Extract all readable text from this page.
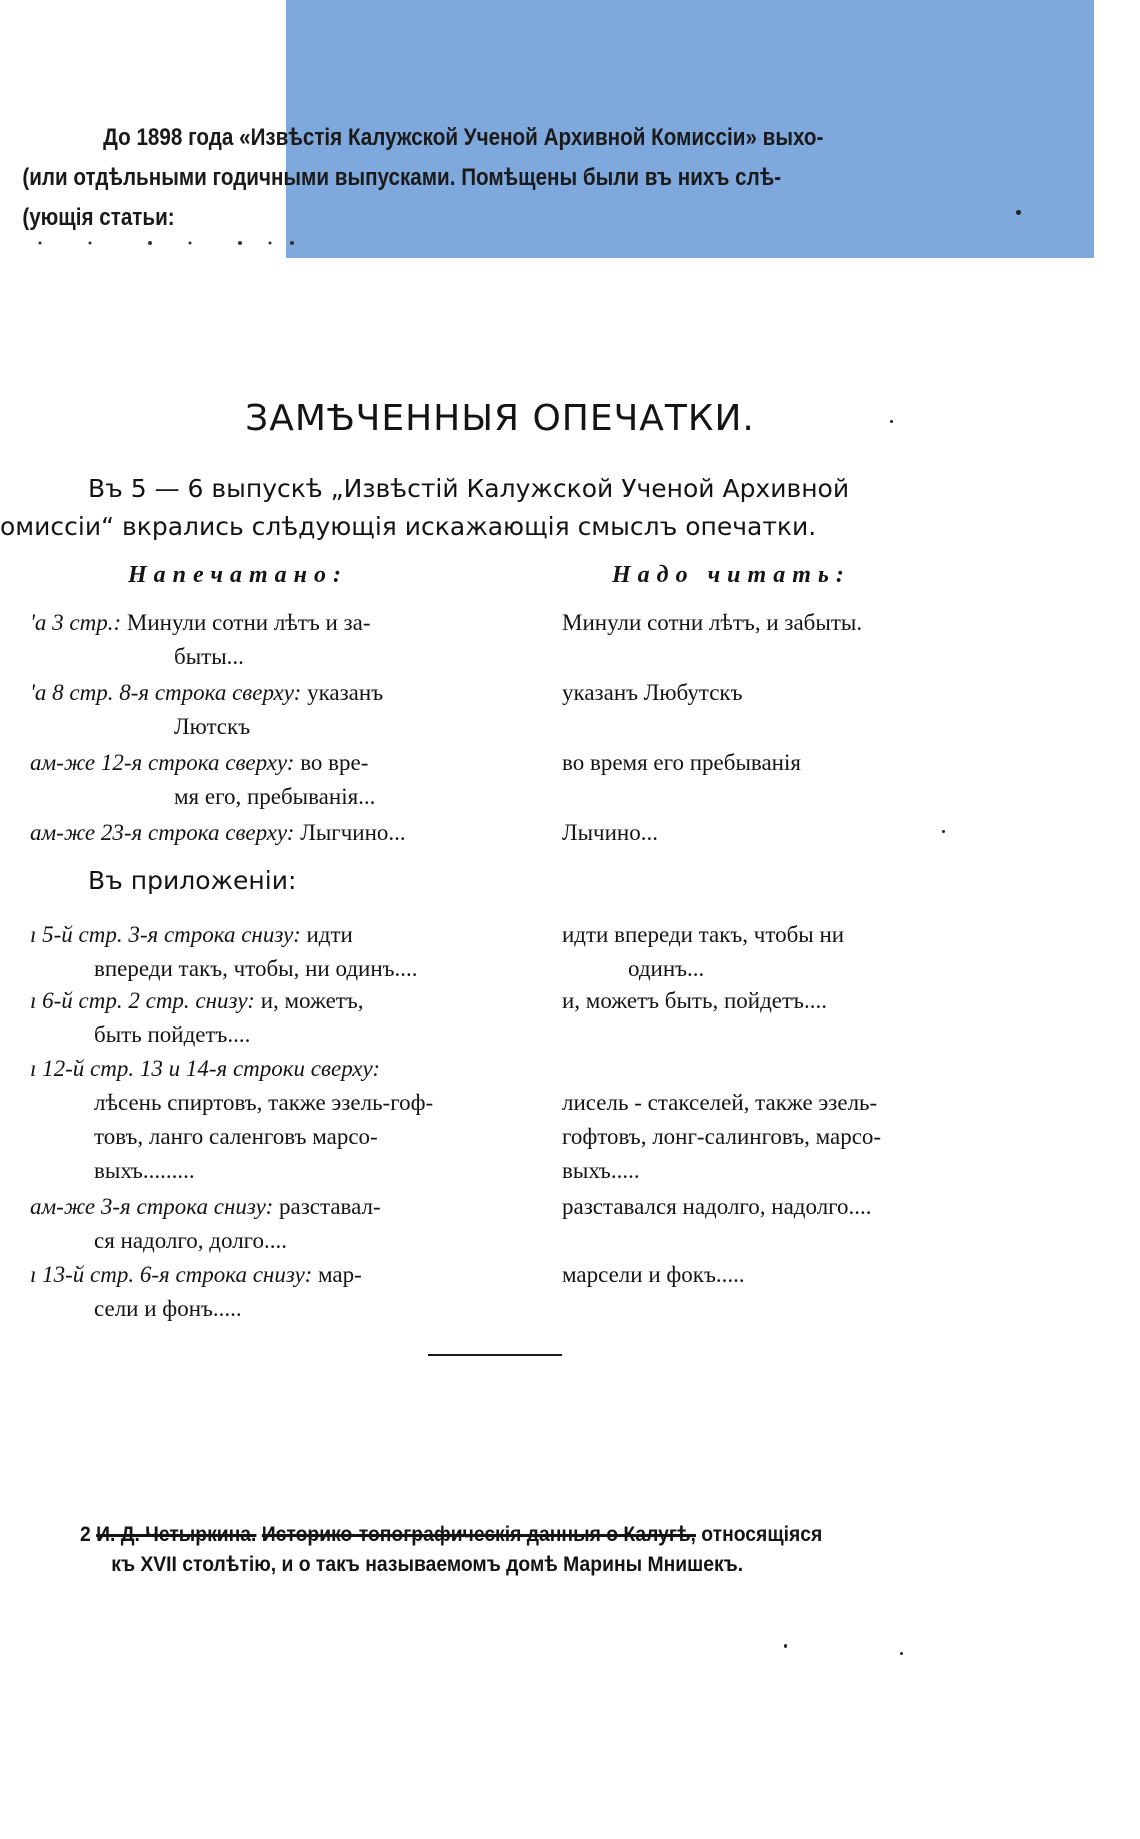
До 1898 года «Извѣстія Калужской Ученой Архивной Комиссіи» выхо-
(или отдѣльными годичными выпусками. Помѣщены были въ нихъ слѣ-
(ующія статьи:
ЗАМѢЧЕННЫЯ ОПЕЧАТКИ.
Въ 5 — 6 выпускѣ „Извѣстій Калужской Ученой Архивной
омиссіи“ вкрались слѣдующія искажающія смыслъ опечатки.
Напечатано:	Надо читать:
'а 3 стр.: Минули сотни лѣтъ и за-
быты...
Минули сотни лѣтъ, и забыты.
'а 8 стр. 8-я строка сверху: указанъ
Лютскъ
указанъ Любутскъ
ам-же 12-я строка сверху: во вре-
мя его, пребыванія...
во время его пребыванія
ам-же 23-я строка сверху: Лыгчино...	Лычино...
Въ приложеніи:
ı 5-й стр. 3-я строка снизу: идти
впереди такъ, чтобы, ни одинъ....
идти впереди такъ, чтобы ни
одинъ...
ı 6-й стр. 2 стр. снизу: и, можетъ,
быть пойдетъ....
и, можетъ быть, пойдетъ....
ı 12-й стр. 13 и 14-я строки сверху:
лѣсень спиртовъ, также эзель-гоф-
товъ, ланго саленговъ марсо-
выхъ.........
лисель - стакселей, также эзель-
гофтовъ, лонг-салинговъ, марсо-
выхъ.....
ам-же 3-я строка снизу: разставал-
ся надолго, долго....
разставался надолго, надолго....
ı 13-й стр. 6-я строка снизу: мар-
сели и фонъ.....
марсели и фокъ.....
2 И. Д. Четыркина. Историко-топографическія данныя о Калугѣ, относящіяся
къ XVII столѣтію, и о такъ называемомъ домѣ Марины Мнишекъ.
